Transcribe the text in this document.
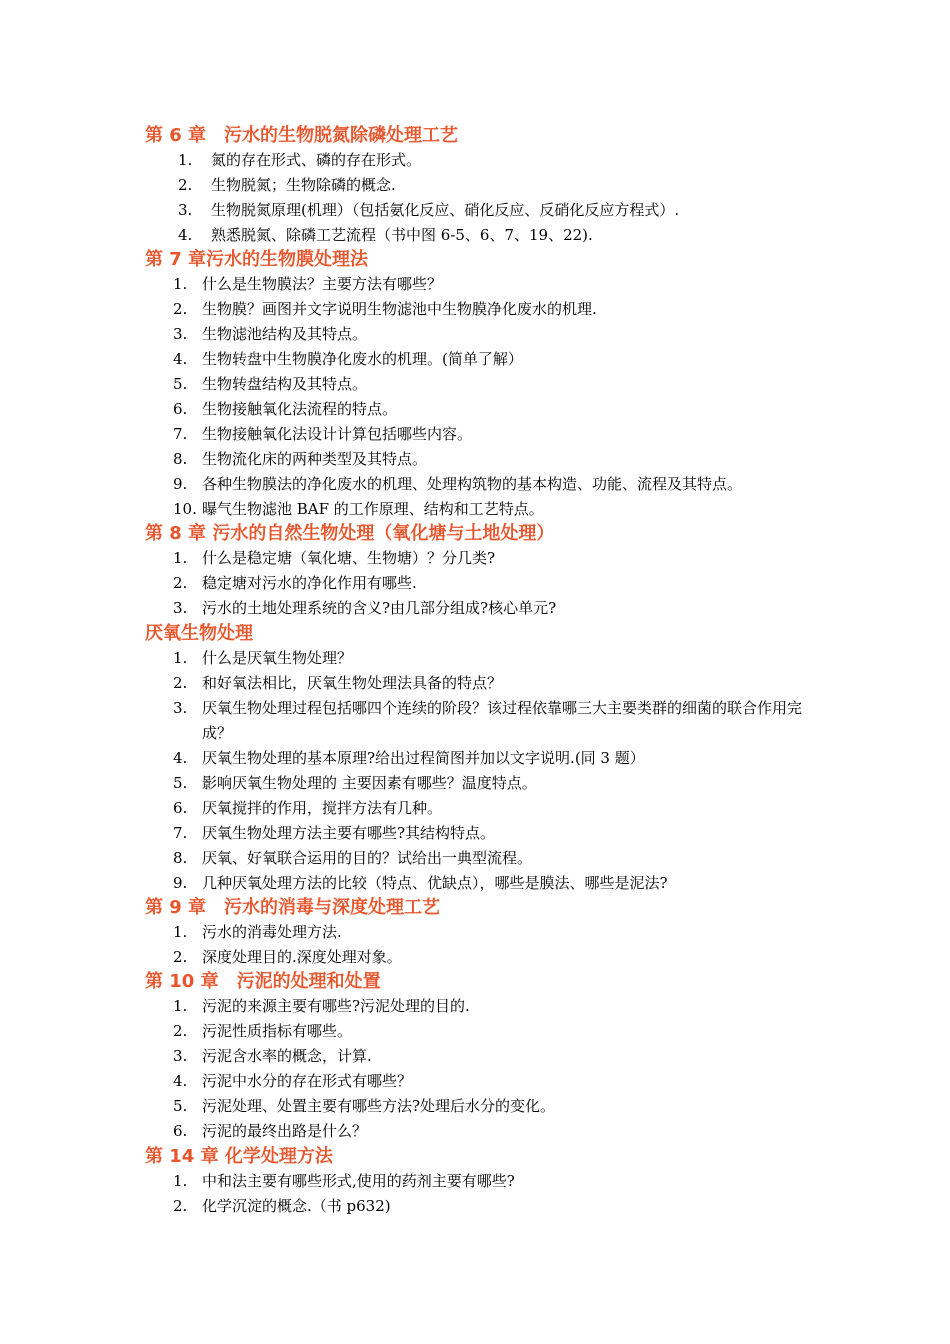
第 6 章　污水的生物脱氮除磷处理工艺
1. 氮的存在形式、磷的存在形式。
2. 生物脱氮；生物除磷的概念.
3. 生物脱氮原理(机理）（包括氨化反应、硝化反应、反硝化反应方程式）.
4. 熟悉脱氮、除磷工艺流程（书中图 6-5、6、7、19、22).
第 7 章污水的生物膜处理法
1. 什么是生物膜法？主要方法有哪些？
2. 生物膜？画图并文字说明生物滤池中生物膜净化废水的机理.
3. 生物滤池结构及其特点。
4. 生物转盘中生物膜净化废水的机理。(简单了解）
5. 生物转盘结构及其特点。
6. 生物接触氧化法流程的特点。
7. 生物接触氧化法设计计算包括哪些内容。
8. 生物流化床的两种类型及其特点。
9. 各种生物膜法的净化废水的机理、处理构筑物的基本构造、功能、流程及其特点。
10. 曝气生物滤池 BAF 的工作原理、结构和工艺特点。
第 8 章 污水的自然生物处理（氧化塘与土地处理）
1. 什么是稳定塘（氧化塘、生物塘）？分几类?
2. 稳定塘对污水的净化作用有哪些.
3. 污水的土地处理系统的含义?由几部分组成?核心单元?
厌氧生物处理
1. 什么是厌氧生物处理？
2. 和好氧法相比，厌氧生物处理法具备的特点？
3. 厌氧生物处理过程包括哪四个连续的阶段？该过程依靠哪三大主要类群的细菌的联合作用完成？
4. 厌氧生物处理的基本原理?给出过程简图并加以文字说明.(同 3 题）
5. 影响厌氧生物处理的 主要因素有哪些？温度特点。
6. 厌氧搅拌的作用，搅拌方法有几种。
7. 厌氧生物处理方法主要有哪些?其结构特点。
8. 厌氧、好氧联合运用的目的？试给出一典型流程。
9. 几种厌氧处理方法的比较（特点、优缺点），哪些是膜法、哪些是泥法?
第 9 章　污水的消毒与深度处理工艺
1. 污水的消毒处理方法.
2. 深度处理目的.深度处理对象。
第 10 章　污泥的处理和处置
1. 污泥的来源主要有哪些?污泥处理的目的.
2. 污泥性质指标有哪些。
3. 污泥含水率的概念，计算.
4. 污泥中水分的存在形式有哪些？
5. 污泥处理、处置主要有哪些方法?处理后水分的变化。
6. 污泥的最终出路是什么？
第 14 章 化学处理方法
1. 中和法主要有哪些形式,使用的药剂主要有哪些?
2. 化学沉淀的概念.（书 p632)
